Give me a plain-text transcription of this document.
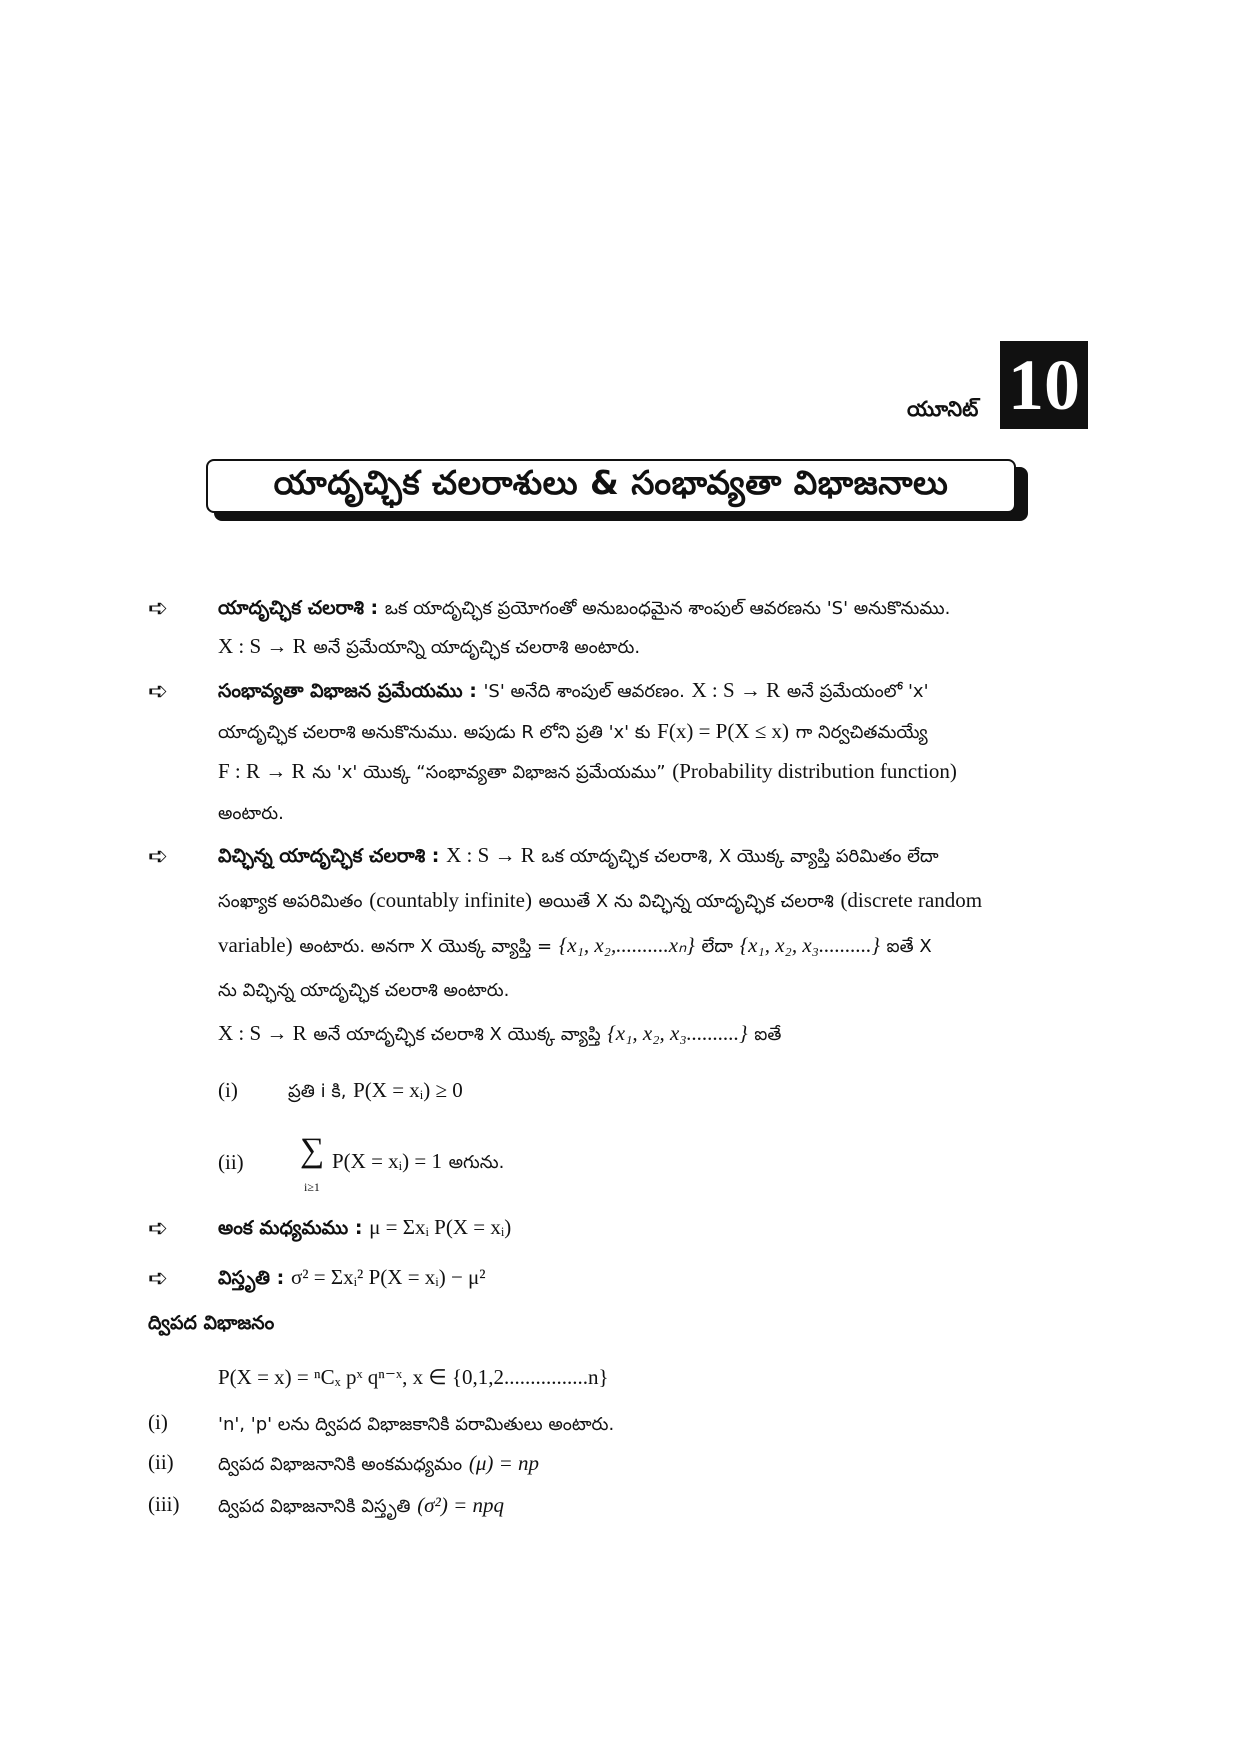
యూనిట్ 10
యాదృచ్ఛిక చలరాశులు & సంభావ్యతా విభాజనాలు
➪	యాదృచ్ఛిక చలరాశి : ఒక యాదృచ్ఛిక ప్రయోగంతో అనుబంధమైన శాంపుల్ ఆవరణను 'S' అనుకొనుము.
X : S → R అనే ప్రమేయాన్ని యాదృచ్ఛిక చలరాశి అంటారు.
➪	సంభావ్యతా విభాజన ప్రమేయము : 'S' అనేది శాంపుల్ ఆవరణం. X : S → R అనే ప్రమేయంలో 'x'
యాదృచ్ఛిక చలరాశి అనుకొనుము. అపుడు R లోని ప్రతి 'x' కు F(x) = P(X ≤ x) గా నిర్వచితమయ్యే
F : R → R ను 'x' యొక్క “సంభావ్యతా విభాజన ప్రమేయము” (Probability distribution function)
అంటారు.
➪	విచ్ఛిన్న యాదృచ్ఛిక చలరాశి : X : S → R ఒక యాదృచ్ఛిక చలరాశి, X యొక్క వ్యాప్తి పరిమితం లేదా
సంఖ్యాక అపరిమితం (countably infinite) అయితే X ను విచ్ఛిన్న యాదృచ్ఛిక చలరాశి (discrete random
variable) అంటారు. అనగా X యొక్క వ్యాప్తి = {x₁, x₂,..........xₙ} లేదా {x₁, x₂, x₃..........} ఐతే X
ను విచ్ఛిన్న యాదృచ్ఛిక చలరాశి అంటారు.
X : S → R అనే యాదృచ్ఛిక చలరాశి X యొక్క వ్యాప్తి {x₁, x₂, x₃..........} ఐతే
(i)	ప్రతి i కి, P(X = xᵢ) ≥ 0
(ii) ∑
i≥1
P(X = xᵢ) = 1 అగును.
➪	అంక మధ్యమము : μ = Σxᵢ P(X = xᵢ)
➪	విస్తృతి : σ² = Σxᵢ² P(X = xᵢ) − μ²
ద్విపద విభాజనం
P(X = x) = ⁿCₓ pˣ qⁿ⁻ˣ, x ∈ {0,1,2................n}
(i)	'n', 'p' లను ద్విపద విభాజకానికి పరామితులు అంటారు.
(ii) ద్విపద విభాజనానికి అంకమధ్యమం (μ) = np
(iii) ద్విపద విభాజనానికి విస్తృతి (σ²) = npq
